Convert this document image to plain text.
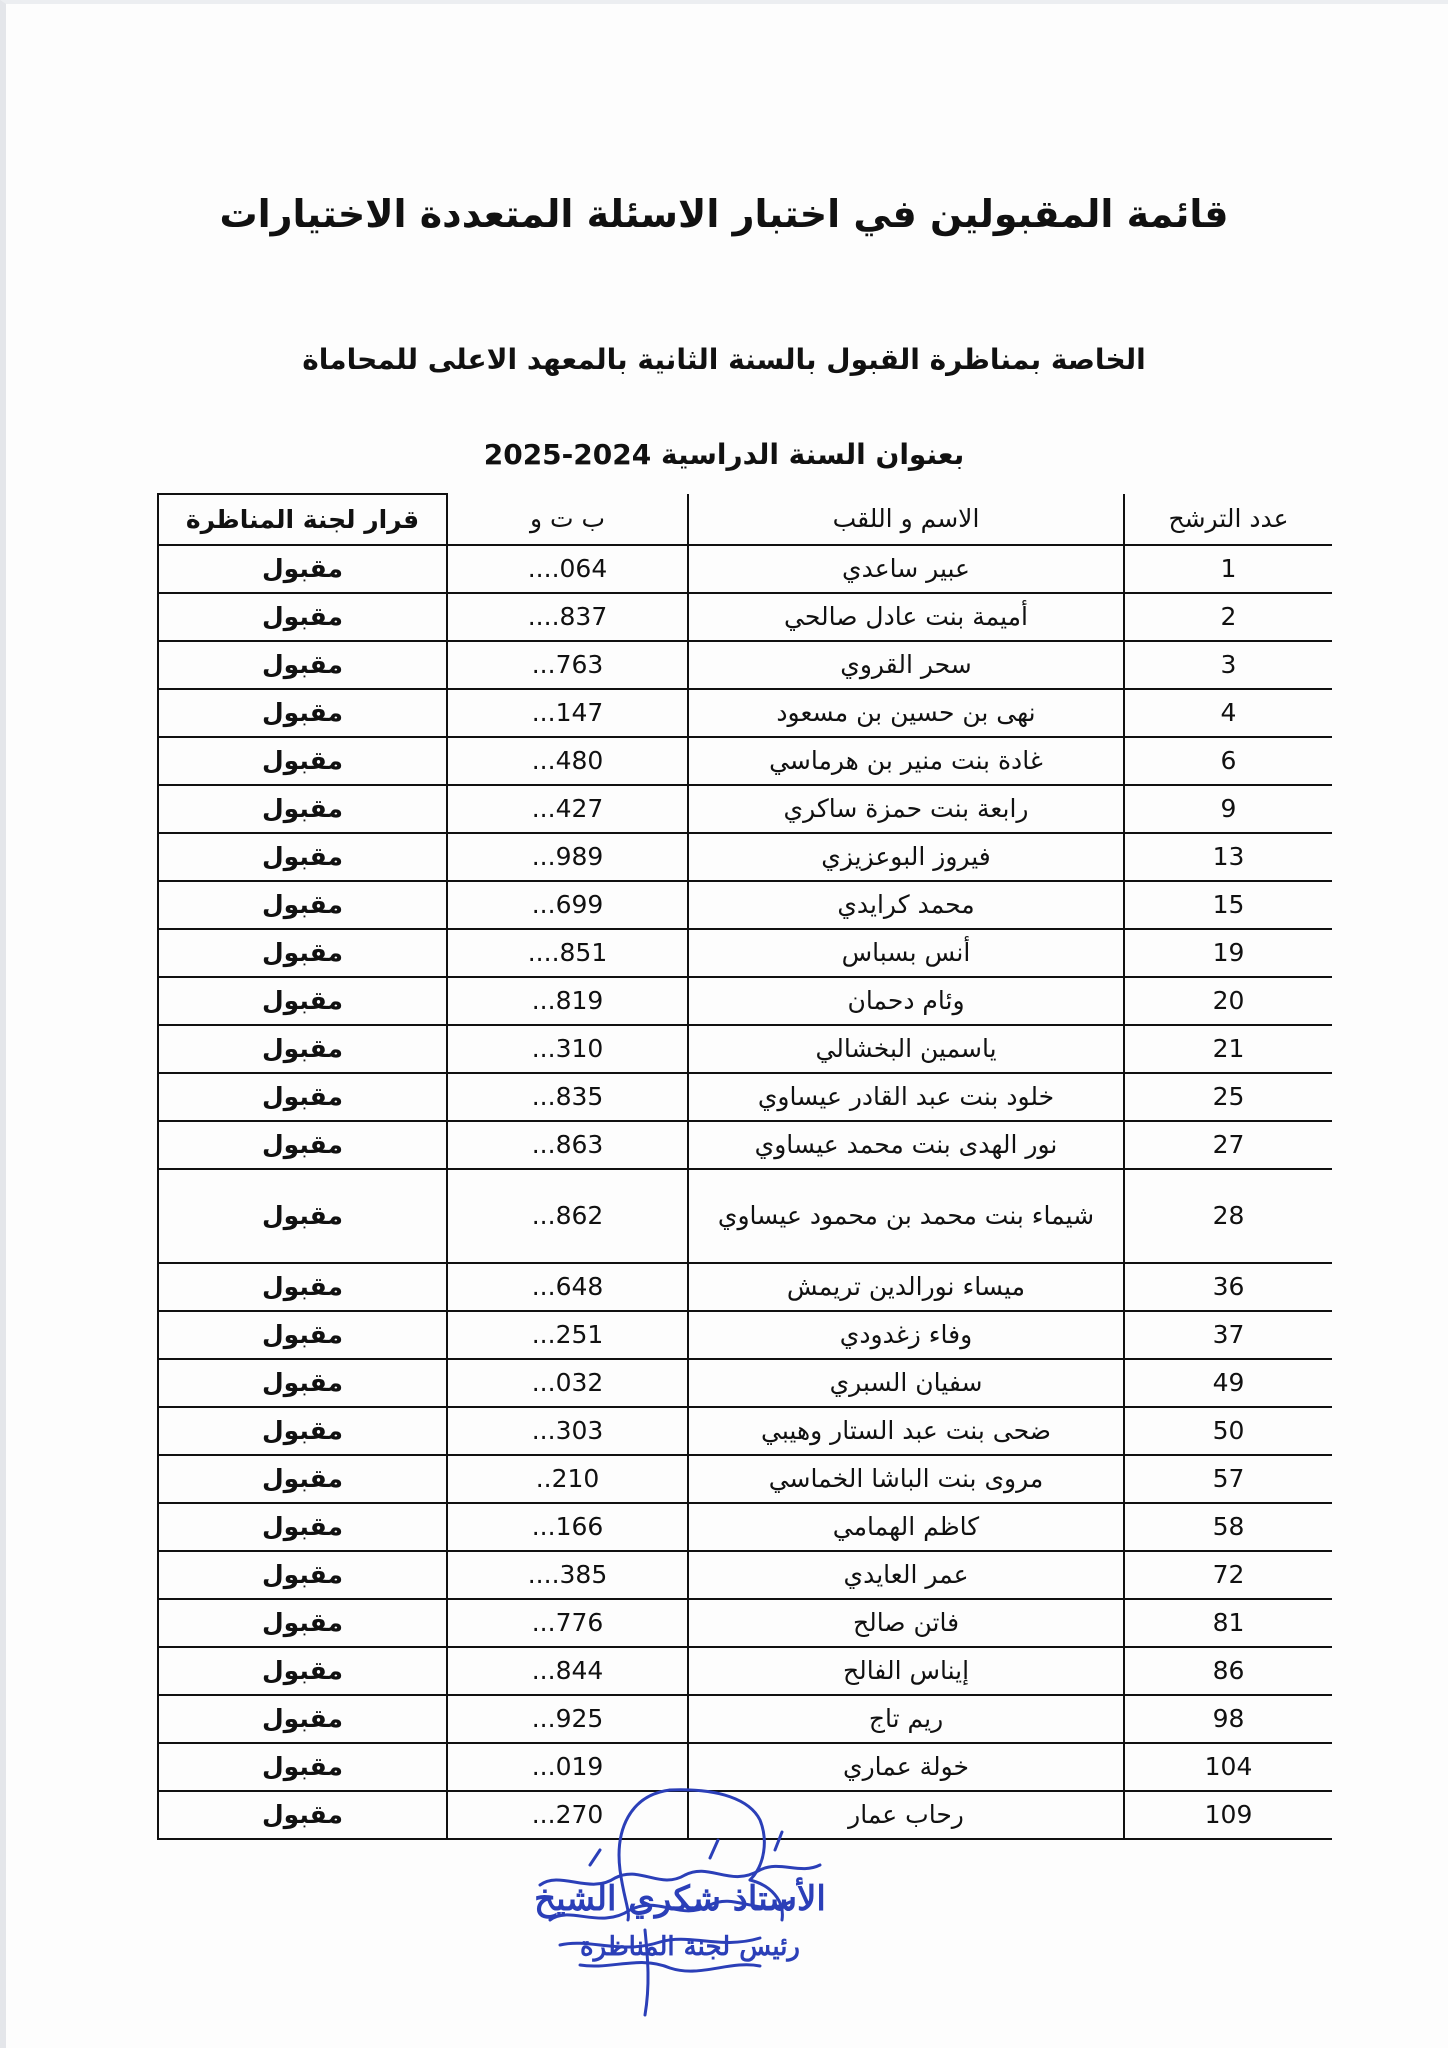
قائمة المقبولين في اختبار الاسئلة المتعددة الاختيارات
الخاصة بمناظرة القبول بالسنة الثانية بالمعهد الاعلى للمحاماة
بعنوان السنة الدراسية 2024-2025
عدد الترشح	الاسم و اللقب	ب ت و	قرار لجنة المناظرة
1	عبير ساعدي	064....	مقبول
2	أميمة بنت عادل صالحي	837....	مقبول
3	سحر القروي	763...	مقبول
4	نهى بن حسين بن مسعود	147...	مقبول
6	غادة بنت منير بن هرماسي	480...	مقبول
9	رابعة بنت حمزة ساكري	427...	مقبول
13	فيروز البوعزيزي	989...	مقبول
15	محمد كرايدي	699...	مقبول
19	أنس بسباس	851....	مقبول
20	وئام دحمان	819...	مقبول
21	ياسمين البخشالي	310...	مقبول
25	خلود بنت عبد القادر عيساوي	835...	مقبول
27	نور الهدى بنت محمد عيساوي	863...	مقبول
28	شيماء بنت محمد بن محمود عيساوي	862...	مقبول
36	ميساء نورالدين تريمش	648...	مقبول
37	وفاء زغدودي	251...	مقبول
49	سفيان السبري	032...	مقبول
50	ضحى بنت عبد الستار وهيبي	303...	مقبول
57	مروى بنت الباشا الخماسي	210..	مقبول
58	كاظم الهمامي	166...	مقبول
72	عمر العايدي	385....	مقبول
81	فاتن صالح	776...	مقبول
86	إيناس الفالح	844...	مقبول
98	ريم تاج	925...	مقبول
104	خولة عماري	019...	مقبول
109	رحاب عمار	270...	مقبول
الأستاذ شكري الشيخ
رئيس لجنة المناظرة
